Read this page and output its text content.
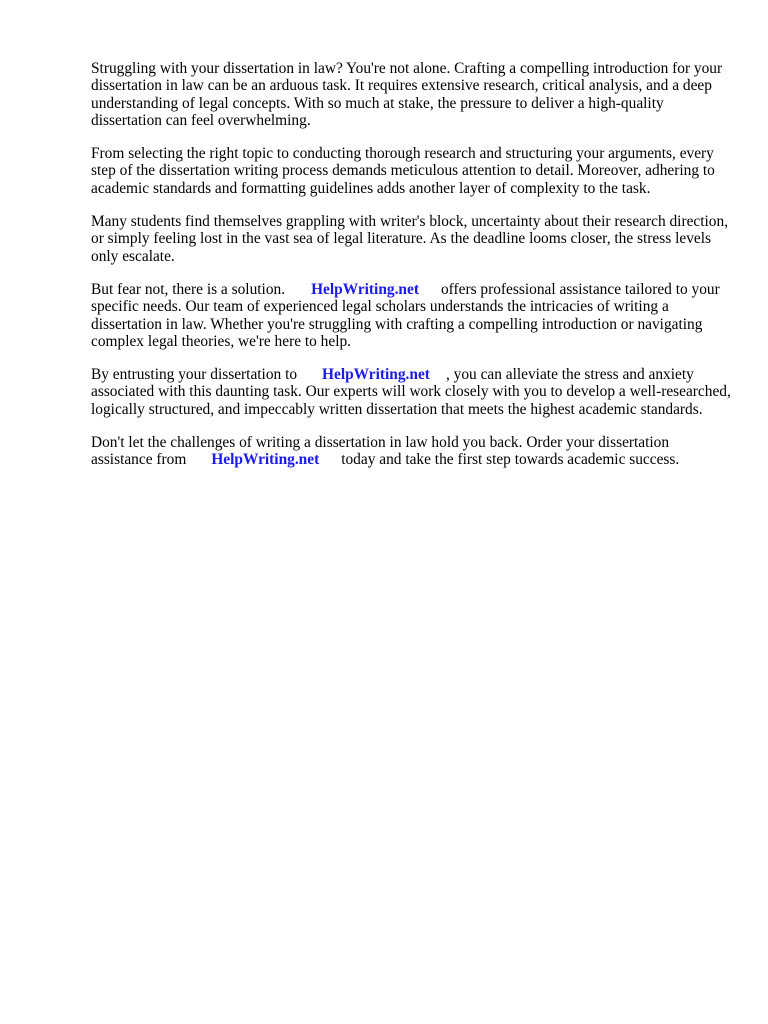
Struggling with your dissertation in law? You're not alone. Crafting a compelling introduction for your dissertation in law can be an arduous task. It requires extensive research, critical analysis, and a deep understanding of legal concepts. With so much at stake, the pressure to deliver a high-quality dissertation can feel overwhelming.

From selecting the right topic to conducting thorough research and structuring your arguments, every step of the dissertation writing process demands meticulous attention to detail. Moreover, adhering to academic standards and formatting guidelines adds another layer of complexity to the task.

Many students find themselves grappling with writer's block, uncertainty about their research direction, or simply feeling lost in the vast sea of legal literature. As the deadline looms closer, the stress levels only escalate.

But fear not, there is a solution. HelpWriting.net offers professional assistance tailored to your specific needs. Our team of experienced legal scholars understands the intricacies of writing a dissertation in law. Whether you're struggling with crafting a compelling introduction or navigating complex legal theories, we're here to help.

By entrusting your dissertation to HelpWriting.net , you can alleviate the stress and anxiety associated with this daunting task. Our experts will work closely with you to develop a well-researched, logically structured, and impeccably written dissertation that meets the highest academic standards.

Don't let the challenges of writing a dissertation in law hold you back. Order your dissertation assistance from HelpWriting.net today and take the first step towards academic success.
